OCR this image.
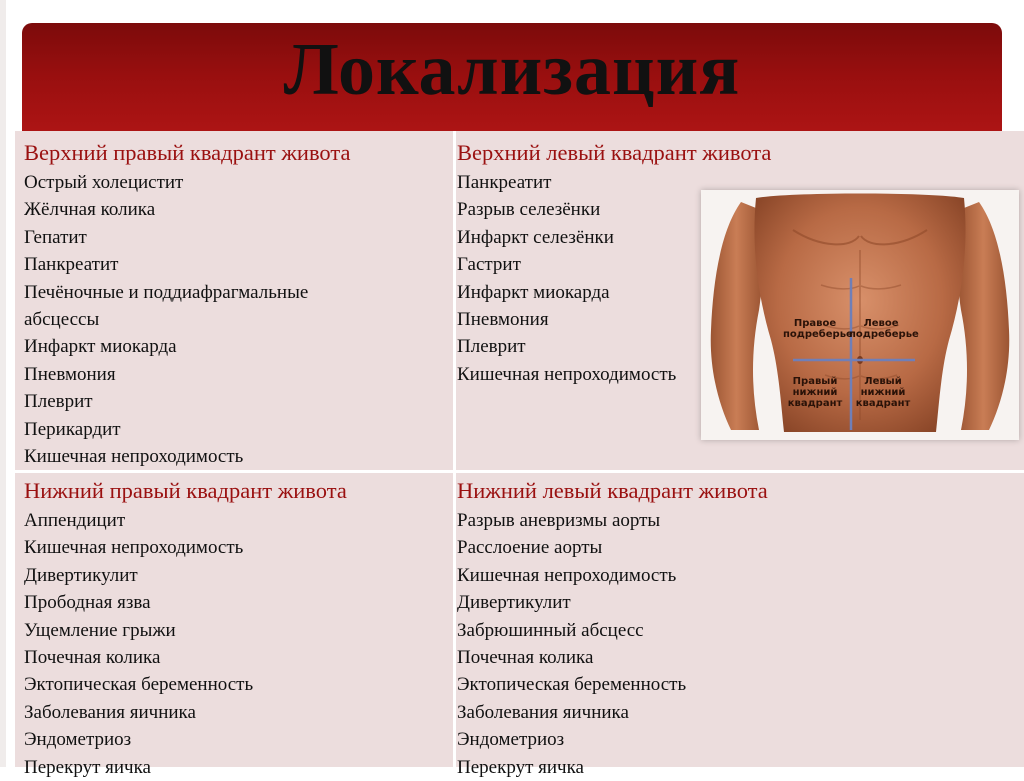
Локализация
Верхний правый квадрант живота
Острый холецистит
Жёлчная колика
Гепатит
Панкреатит
Печёночные и поддиафрагмальные абсцессы
Инфаркт миокарда
Пневмония
Плеврит
Перикардит
Кишечная непроходимость
Верхний левый квадрант живота
Панкреатит
Разрыв селезёнки
Инфаркт селезёнки
Гастрит
Инфаркт миокарда
Пневмония
Плеврит
Кишечная непроходимость
Нижний правый квадрант живота
Аппендицит
Кишечная непроходимость
Дивертикулит
Прободная язва
Ущемление грыжи
Почечная колика
Эктопическая беременность
Заболевания яичника
Эндометриоз
Перекрут яичка
Нижний левый квадрант живота
Разрыв аневризмы аорты
Расслоение аорты
Кишечная непроходимость
Дивертикулит
Забрюшинный абсцесс
Почечная колика
Эктопическая беременность
Заболевания яичника
Эндометриоз
Перекрут яичка
Правое подреберье
Левое подреберье
Правый нижний квадрант
Левый нижний квадрант
